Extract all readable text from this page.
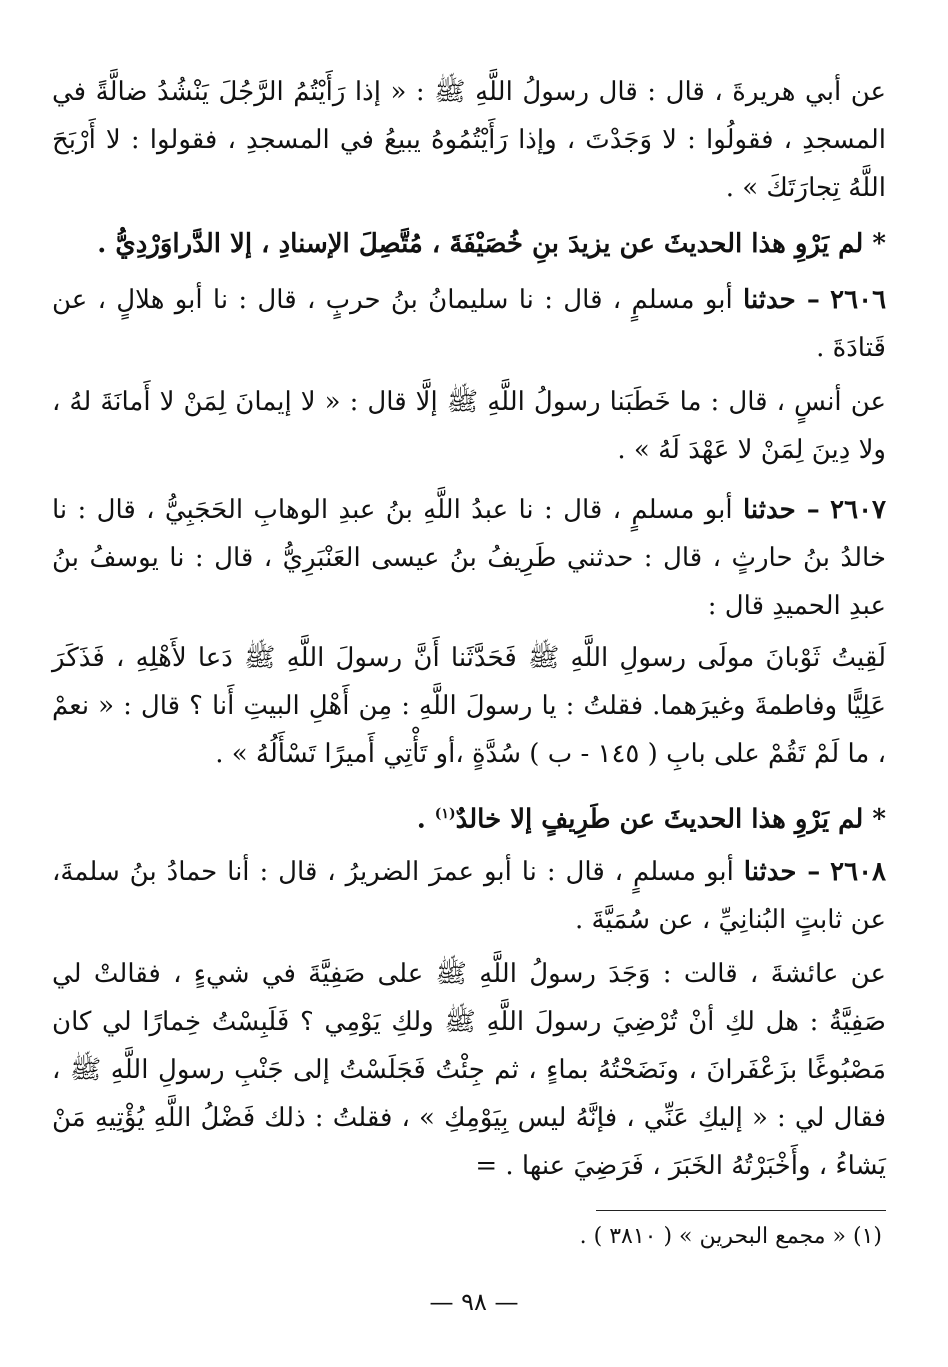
عن أبي هريرةَ ، قال : قال رسولُ اللَّهِ ﷺ : « إذا رَأَيْتُمُ الرَّجُلَ يَنْشُدُ ضالَّةً في المسجدِ ، فقولُوا : لا وَجَدْتَ ، وإذا رَأَيْتُمُوهُ يبيعُ في المسجدِ ، فقولوا : لا أَرْبَحَ اللَّهُ تِجارَتَكَ » .
* لم يَرْوِ هذا الحديثَ عن يزيدَ بنِ خُصَيْفَةَ ، مُتَّصِلَ الإسنادِ ، إلا الدَّراوَرْدِيُّ .
٢٦٠٦ – حدثنا أبو مسلمٍ ، قال : نا سليمانُ بنُ حربٍ ، قال : نا أبو هلالٍ ، عن قَتادَةَ .
عن أنسٍ ، قال : ما خَطَبَنا رسولُ اللَّهِ ﷺ إلَّا قال : « لا إيمانَ لِمَنْ لا أَمانَةَ لهُ ، ولا دِينَ لِمَنْ لا عَهْدَ لَهُ » .
٢٦٠٧ – حدثنا أبو مسلمٍ ، قال : نا عبدُ اللَّهِ بنُ عبدِ الوهابِ الحَجَبِيُّ ، قال : نا خالدُ بنُ حارثٍ ، قال : حدثني طَرِيفُ بنُ عيسى العَنْبَرِيُّ ، قال : نا يوسفُ بنُ عبدِ الحميدِ قال :
لَقِيتُ ثَوْبانَ مولَى رسولِ اللَّهِ ﷺ فَحَدَّثَنا أَنَّ رسولَ اللَّهِ ﷺ دَعا لأَهْلِهِ ، فَذَكَرَ عَلِيًّا وفاطمةَ وغيرَهما. فقلتُ : يا رسولَ اللَّهِ : مِن أَهْلِ البيتِ أَنا ؟ قال : « نعمْ ، ما لَمْ تَقُمْ على بابِ ( ١٤٥ - ب ) سُدَّةٍ ،أو تَأْتِي أَميرًا تَسْأَلُهُ » .
* لم يَرْوِ هذا الحديثَ عن طَرِيفٍ إلا خالدٌ$^{(١)}$ .
٢٦٠٨ – حدثنا أبو مسلمٍ ، قال : نا أبو عمرَ الضريرُ ، قال : أنا حمادُ بنُ سلمةَ، عن ثابتٍ البُنانِيِّ ، عن سُمَيَّةَ .
عن عائشةَ ، قالت : وَجَدَ رسولُ اللَّهِ ﷺ على صَفِيَّةَ في شيءٍ ، فقالتْ لي صَفِيَّةُ : هل لكِ أنْ تُرْضِيَ رسولَ اللَّهِ ﷺ ولكِ يَوْمِي ؟ فَلَبِسْتُ خِمارًا لي كان مَصْبُوغًا بزَعْفَرانَ ، ونَضَحْتُهُ بماءٍ ، ثم جِئْتُ فَجَلَسْتُ إلى جَنْبِ رسولِ اللَّهِ ﷺ ، فقال لي : « إليكِ عَنِّي ، فإنَّهُ ليس بِيَوْمِكِ » ، فقلتُ : ذلك فَضْلُ اللَّهِ يُؤْتِيهِ مَنْ يَشاءُ ، وأَخْبَرْتُهُ الخَبَرَ ، فَرَضِيَ عنها . =
(١) « مجمع البحرين » ( ٣٨١٠ ) .
— ٩٨ —
